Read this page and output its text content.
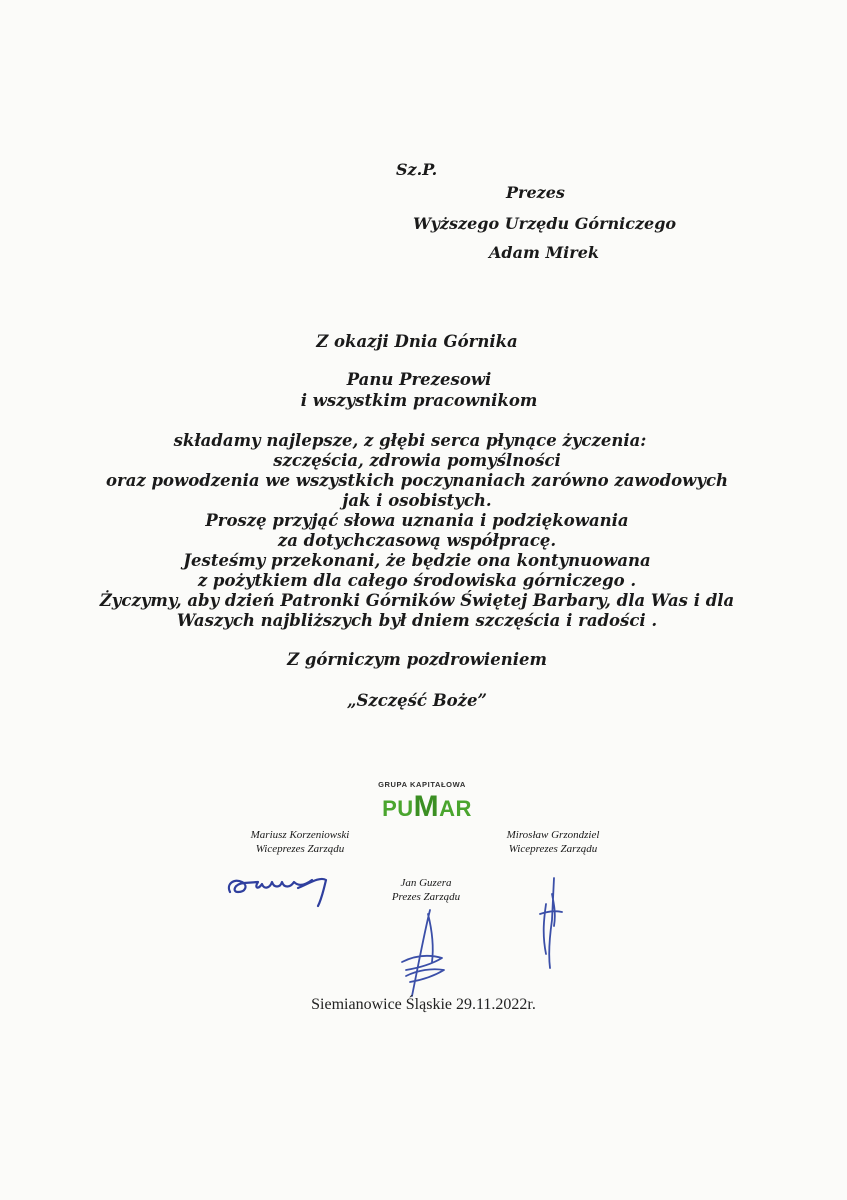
Sz.P.

Prezes

Wyższego Urzędu Górniczego

Adam Mirek

Z okazji Dnia Górnika

Panu Prezesowi

i wszystkim pracownikom

składamy najlepsze, z głębi serca płynące życzenia:

szczęścia, zdrowia pomyślności

oraz powodzenia we wszystkich poczynaniach zarówno zawodowych

jak i osobistych.

Proszę przyjąć słowa uznania i podziękowania

za dotychczasową współpracę.

Jesteśmy przekonani, że będzie ona kontynuowana

z pożytkiem dla całego środowiska górniczego .

Życzymy, aby dzień Patronki Górników Świętej Barbary, dla Was i dla

Waszych najbliższych był dniem szczęścia i radości .

Z górniczym pozdrowieniem

„Szczęść Boże”

GRUPA KAPITAŁOWA
PUMAR
Mariusz Korzeniowski
Wiceprezes Zarządu
Mirosław Grzondziel
Wiceprezes Zarządu
Jan Guzera
Prezes Zarządu
Siemianowice Śląskie 29.11.2022r.
